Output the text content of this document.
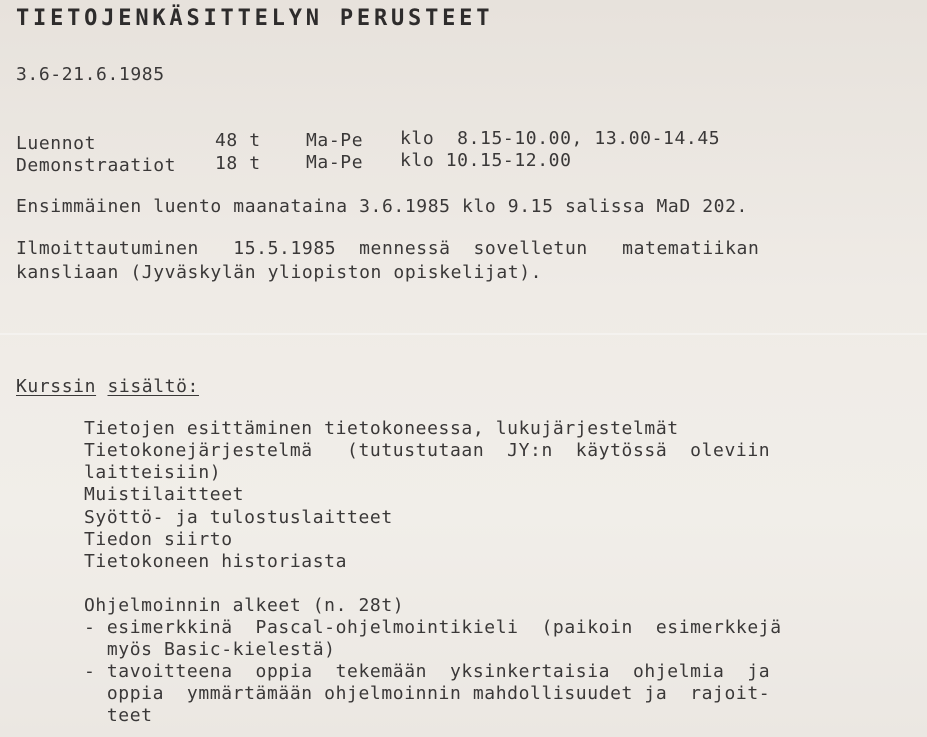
TIETOJENKÄSITTELYN PERUSTEET
3.6-21.6.1985
Luennot	48 t	Ma-Pe klo  8.15-10.00, 13.00-14.45
Demonstraatiot 18 t	Ma-Pe klo 10.15-12.00
Ensimmäinen luento maanataina 3.6.1985 klo 9.15 salissa MaD 202.
Ilmoittautuminen   15.5.1985  mennessä  sovelletun   matematiikan
kansliaan (Jyväskylän yliopiston opiskelijat).
Kurssin sisältö:
Tietojen esittäminen tietokoneessa, lukujärjestelmät
Tietokonejärjestelmä   (tutustutaan  JY:n  käytössä  oleviin
laitteisiin)
Muistilaitteet
Syöttö- ja tulostuslaitteet
Tiedon siirto
Tietokoneen historiasta
Ohjelmoinnin alkeet (n. 28t)
- esimerkkinä  Pascal-ohjelmointikieli  (paikoin  esimerkkejä
myös Basic-kielestä)
- tavoitteena  oppia  tekemään  yksinkertaisia  ohjelmia  ja
oppia  ymmärtämään ohjelmoinnin mahdollisuudet ja  rajoit-
teet
